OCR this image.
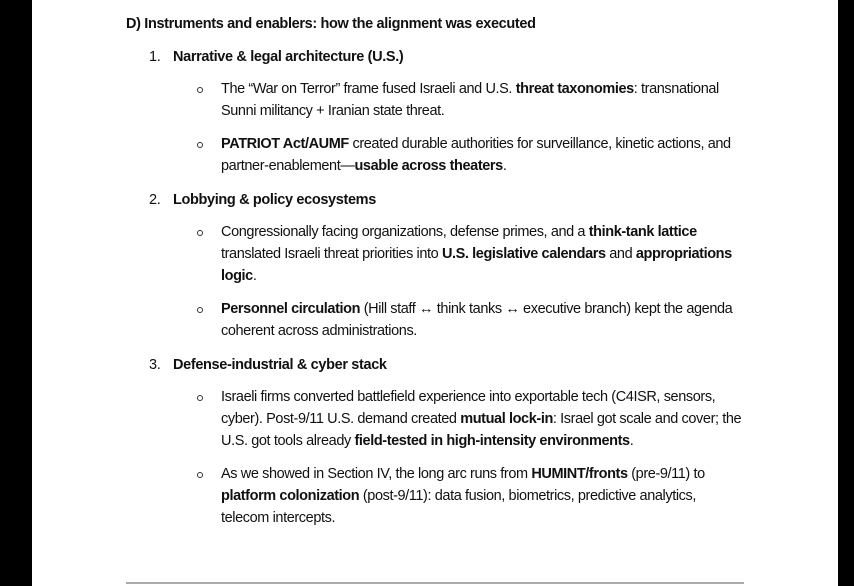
D) Instruments and enablers: how the alignment was executed
1. Narrative & legal architecture (U.S.)
The “War on Terror” frame fused Israeli and U.S. threat taxonomies: transnational Sunni militancy + Iranian state threat.
PATRIOT Act/AUMF created durable authorities for surveillance, kinetic actions, and partner-enablement—usable across theaters.
2. Lobbying & policy ecosystems
Congressionally facing organizations, defense primes, and a think-tank lattice translated Israeli threat priorities into U.S. legislative calendars and appropriations logic.
Personnel circulation (Hill staff ↔ think tanks ↔ executive branch) kept the agenda coherent across administrations.
3. Defense-industrial & cyber stack
Israeli firms converted battlefield experience into exportable tech (C4ISR, sensors, cyber). Post-9/11 U.S. demand created mutual lock-in: Israel got scale and cover; the U.S. got tools already field-tested in high-intensity environments.
As we showed in Section IV, the long arc runs from HUMINT/fronts (pre-9/11) to platform colonization (post-9/11): data fusion, biometrics, predictive analytics, telecom intercepts.
